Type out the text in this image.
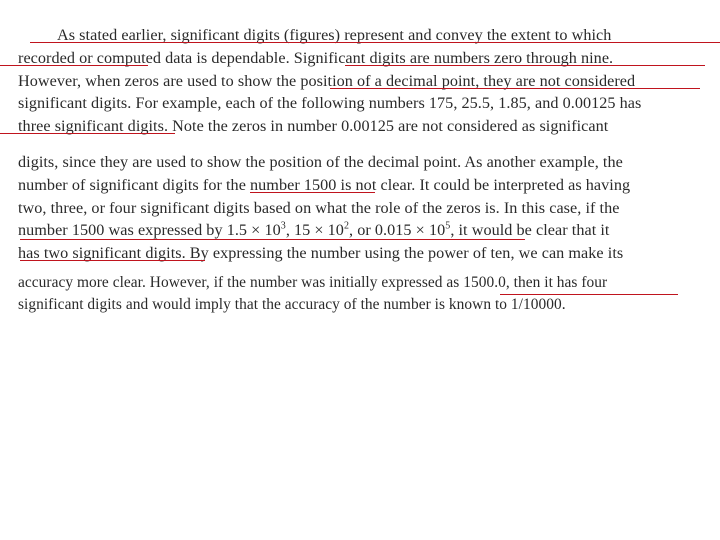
As stated earlier, significant digits (figures) represent and convey the extent to which
recorded or computed data is dependable. Significant digits are numbers zero through nine.
However, when zeros are used to show the position of a decimal point, they are not considered
significant digits. For example, each of the following numbers 175, 25.5, 1.85, and 0.00125 has
three significant digits. Note the zeros in number 0.00125 are not considered as significant
digits, since they are used to show the position of the decimal point. As another example, the
number of significant digits for the number 1500 is not clear. It could be interpreted as having
two, three, or four significant digits based on what the role of the zeros is. In this case, if the
number 1500 was expressed by $1.5 \times 10^3$, $15 \times 10^2$, or $0.015 \times 10^5$, it would be clear that it
has two significant digits. By expressing the number using the power of ten, we can make its
accuracy more clear. However, if the number was initially expressed as 1500.0, then it has four
significant digits and would imply that the accuracy of the number is known to 1/10000.
